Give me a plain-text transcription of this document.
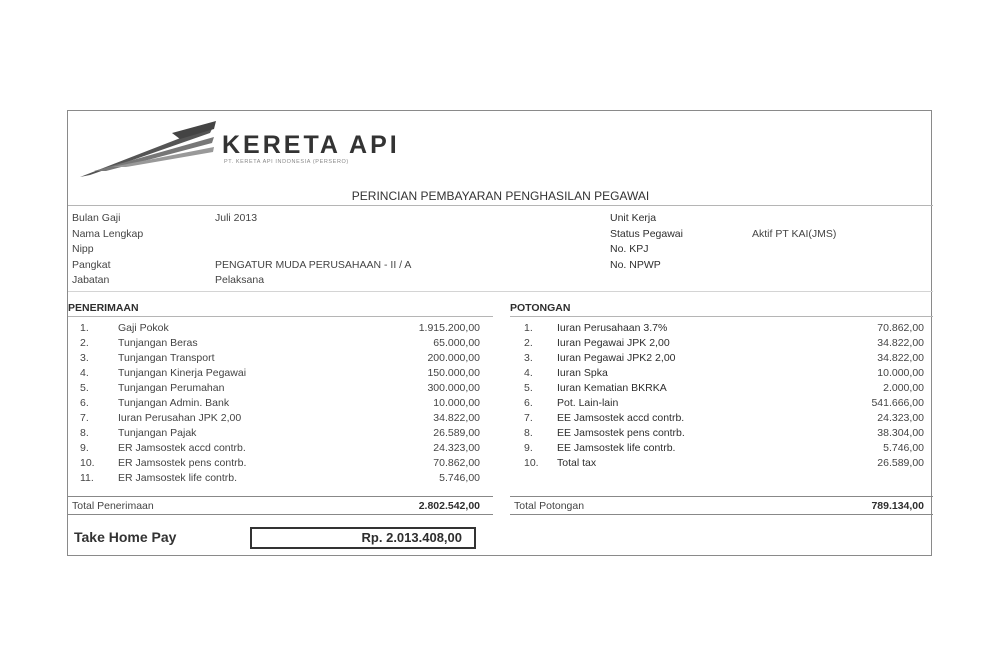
KERETA API
PT. KERETA API INDONESIA (PERSERO)
PERINCIAN PEMBAYARAN PENGHASILAN PEGAWAI
Bulan Gaji	Juli 2013
Nama Lengkap
Nipp
Pangkat	PENGATUR MUDA PERUSAHAAN - II / A
Jabatan	Pelaksana
Unit Kerja
Status Pegawai	Aktif PT KAI(JMS)
No. KPJ
No. NPWP
PENERIMAAN	POTONGAN
1.	Gaji Pokok	1.915.200,00
2.	Tunjangan Beras	65.000,00
3.	Tunjangan Transport	200.000,00
4.	Tunjangan Kinerja Pegawai	150.000,00
5.	Tunjangan Perumahan	300.000,00
6.	Tunjangan Admin. Bank	10.000,00
7.	Iuran Perusahan JPK 2,00	34.822,00
8.	Tunjangan Pajak	26.589,00
9.	ER Jamsostek accd contrb.	24.323,00
10. ER Jamsostek pens contrb.	70.862,00
11. ER Jamsostek life contrb.	5.746,00
1. Iuran Perusahaan 3.7%	70.862,00
2. Iuran Pegawai JPK 2,00	34.822,00
3. Iuran Pegawai JPK2 2,00	34.822,00
4. Iuran Spka	10.000,00
5. Iuran Kematian BKRKA	2.000,00
6. Pot. Lain-lain	541.666,00
7. EE Jamsostek accd contrb.	24.323,00
8. EE Jamsostek pens contrb.	38.304,00
9. EE Jamsostek life contrb.	5.746,00
10. Total tax	26.589,00
Total Penerimaan	2.802.542,00	Total Potongan	789.134,00
Take Home Pay	Rp. 2.013.408,00
